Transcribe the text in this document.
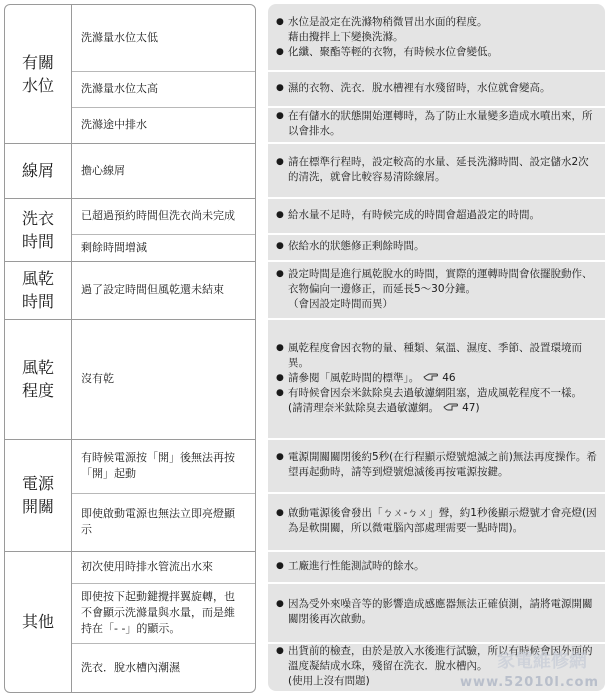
有關
水位
線屑
洗衣
時間
風乾
時間
風乾
程度
電源
開關
其他
洗滌量水位太低
洗滌量水位太高
洗滌途中排水
擔心線屑
已超過預約時間但洗衣尚未完成
剩餘時間增減
過了設定時間但風乾還未結束
沒有乾
有時候電源按「開」後無法再按「開」起動
即使啟動電源也無法立即亮燈顯示
初次使用時排水管流出水來
即使按下起動鍵攪拌翼旋轉，也不會顯示洗滌量與水量，而是維持在「- -」的顯示。
洗衣．脫水槽內潮濕
● 水位是設定在洗滌物稍微冒出水面的程度。
藉由攪拌上下變換洗滌。
● 化纖、聚酯等輕的衣物，有時候水位會變低。
● 濕的衣物、洗衣．脫水槽裡有水殘留時，水位就會變高。
● 在有儲水的狀態開始運轉時，為了防止水量變多造成水噴出來，所以會排水。
● 請在標準行程時，設定較高的水量、延長洗滌時間、設定儲水2次的清洗，就會比較容易清除線屑。
● 給水量不足時，有時候完成的時間會超過設定的時間。
● 依給水的狀態修正剩餘時間。
● 設定時間是進行風乾脫水的時間，實際的運轉時間會依擺脫動作、衣物偏向一邊修正，而延長5～30分鐘。
（會因設定時間而異）
● 風乾程度會因衣物的量、種類、氣溫、濕度、季節、設置環境而異。
● 請參閱「風乾時間的標準」。 46
● 有時候會因奈米鈦除臭去過敏濾網阻塞，造成風乾程度不一樣。
(請清理奈米鈦除臭去過敏濾網。 47)
● 電源開關關閉後約5秒(在行程顯示燈號熄滅之前)無法再度操作。希望再起動時，請等到燈號熄滅後再按電源按鍵。
● 啟動電源後會發出「ㄅㄨ-ㄅㄨ」聲，約1秒後顯示燈號才會亮燈(因為是軟開關，所以微電腦內部處理需要一點時間)。
● 工廠進行性能測試時的餘水。
● 因為受外來噪音等的影響造成感應器無法正確偵測，請將電源開關關閉後再次啟動。
● 出貨前的檢查，由於是放入水後進行試驗，所以有時候會因外面的溫度凝結成水珠，殘留在洗衣．脫水槽內。
(使用上沒有問題)
家電維修網
www.52010l.com
